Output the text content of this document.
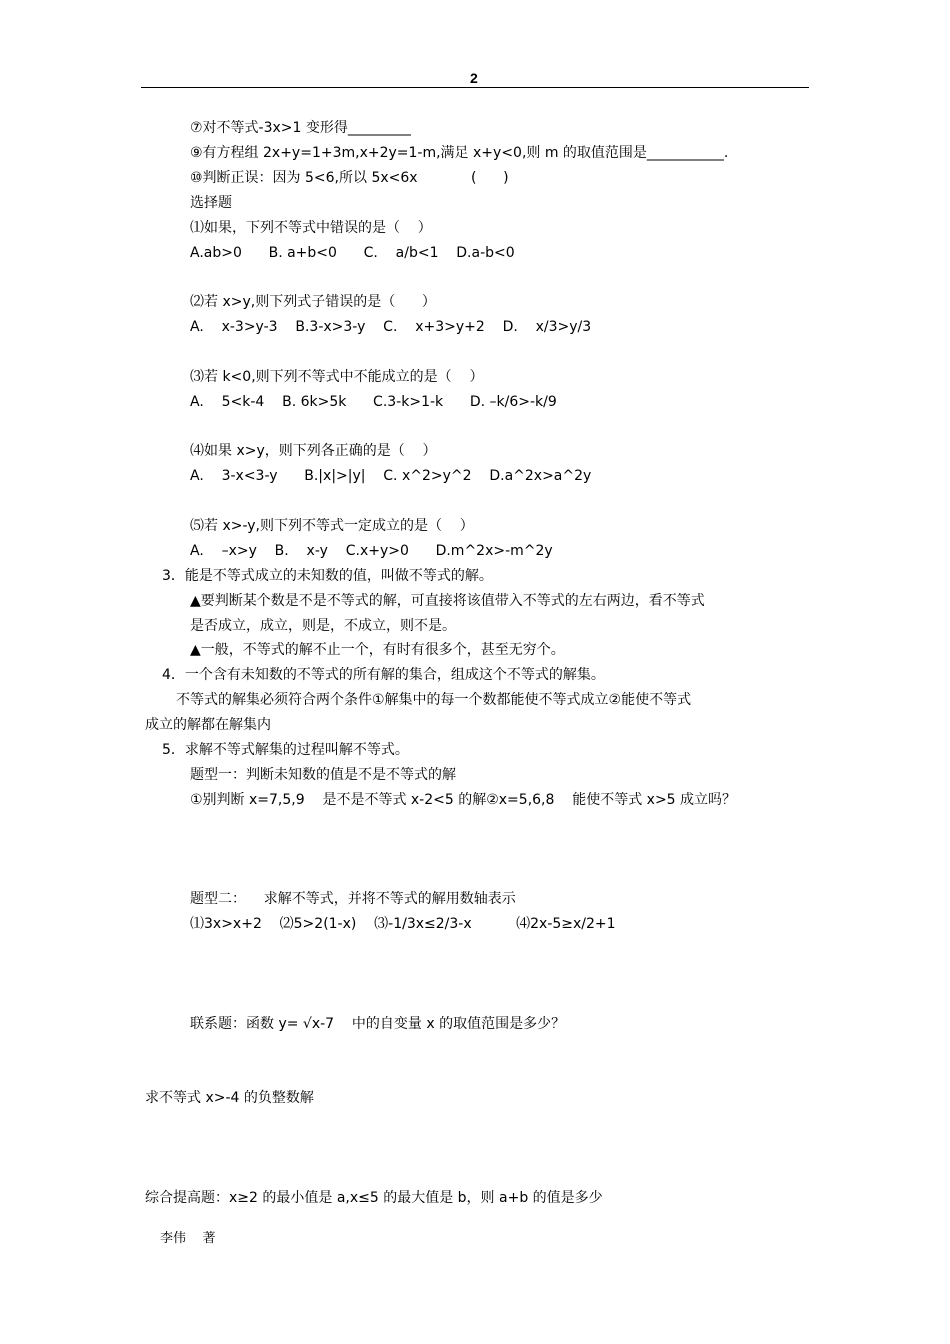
2
⑦对不等式-3x>1 变形得_________
⑨有方程组 2x+y=1+3m,x+2y=1-m,满足 x+y<0,则 m 的取值范围是___________.
⑩判断正误：因为 5<6,所以 5x<6x            (      )
选择题
⑴如果，下列不等式中错误的是（    ）
A.ab>0      B. a+b<0      C.    a/b<1    D.a-b<0
⑵若 x>y,则下列式子错误的是（      ）
A.    x-3>y-3    B.3-x>3-y    C.    x+3>y+2    D.    x/3>y/3
⑶若 k<0,则下列不等式中不能成立的是（    ）
A.    5<k-4    B. 6k>5k      C.3-k>1-k      D. –k/6>-k/9
⑷如果 x>y，则下列各正确的是（    ）
A.    3-x<3-y      B.|x|>|y|    C. x^2>y^2    D.a^2x>a^2y
⑸若 x>-y,则下列不等式一定成立的是（    ）
A.    –x>y    B.    x-y    C.x+y>0      D.m^2x>-m^2y
3．能是不等式成立的未知数的值，叫做不等式的解。
▲要判断某个数是不是不等式的解，可直接将该值带入不等式的左右两边，看不等式
是否成立，成立，则是，不成立，则不是。
▲一般，不等式的解不止一个，有时有很多个，甚至无穷个。
4．一个含有未知数的不等式的所有解的集合，组成这个不等式的解集。
不等式的解集必须符合两个条件①解集中的每一个数都能使不等式成立②能使不等式
成立的解都在解集内
5．求解不等式解集的过程叫解不等式。
题型一：判断未知数的值是不是不等式的解
①别判断 x=7,5,9    是不是不等式 x-2<5 的解②x=5,6,8    能使不等式 x>5 成立吗？
题型二：    求解不等式，并将不等式的解用数轴表示
⑴3x>x+2    ⑵5>2(1-x)    ⑶-1/3x≤2/3-x          ⑷2x-5≥x/2+1
联系题：函数 y= √x-7    中的自变量 x 的取值范围是多少？
求不等式 x>-4 的负整数解
综合提高题：x≥2 的最小值是 a,x≤5 的最大值是 b，则 a+b 的值是多少
李伟    著
